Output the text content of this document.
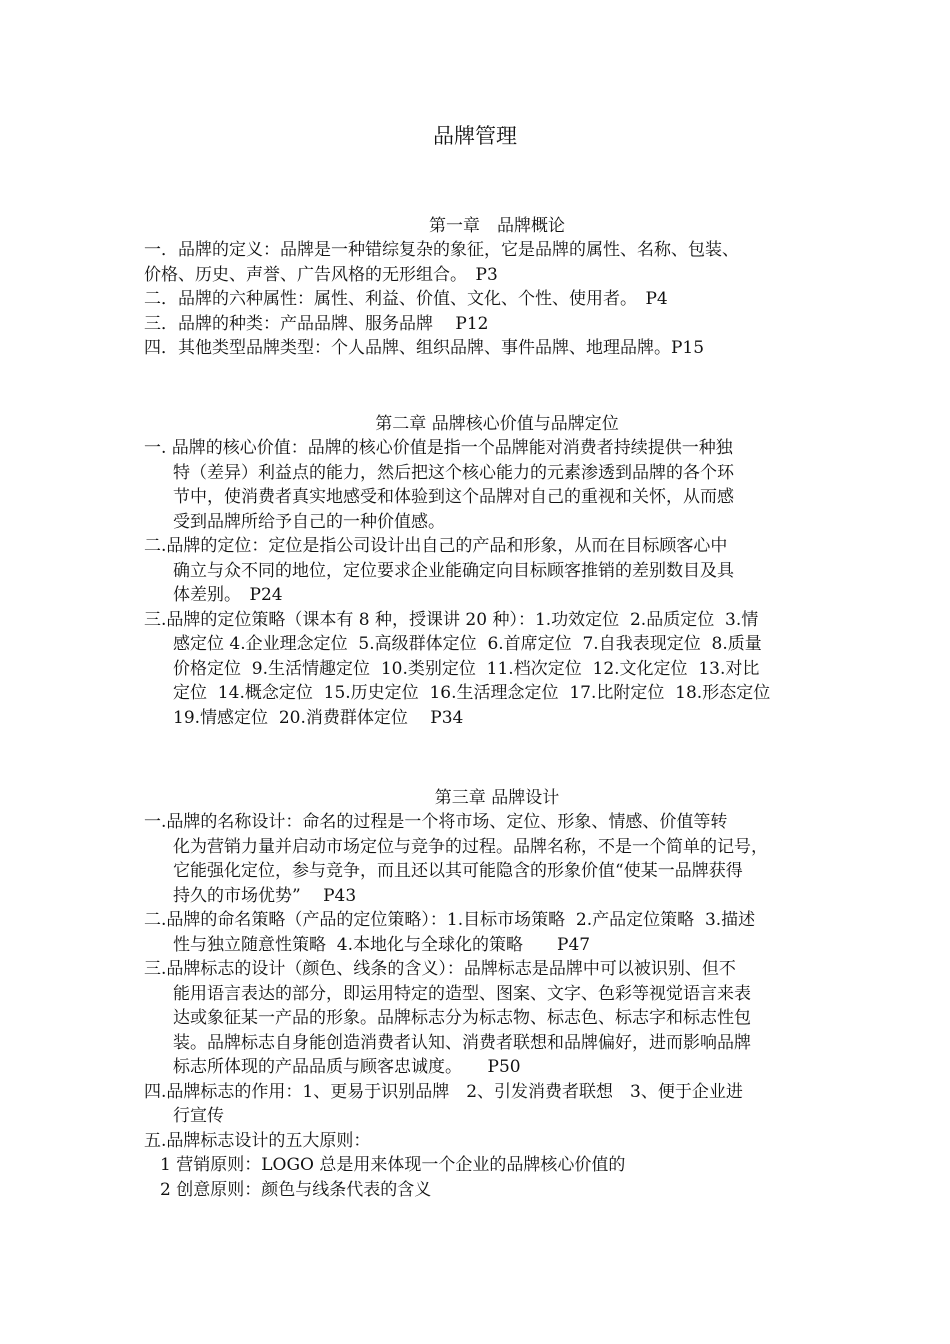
品牌管理
第一章　品牌概论
一．品牌的定义：品牌是一种错综复杂的象征，它是品牌的属性、名称、包装、
价格、历史、声誉、广告风格的无形组合。　P3
二．品牌的六种属性：属性、利益、价值、文化、个性、使用者。　P4
三．品牌的种类：产品品牌、服务品牌　 P12
四．其他类型品牌类型：个人品牌、组织品牌、事件品牌、地理品牌。P15
第二章 品牌核心价值与品牌定位
一. 品牌的核心价值：品牌的核心价值是指一个品牌能对消费者持续提供一种独
特（差异）利益点的能力，然后把这个核心能力的元素渗透到品牌的各个环
节中，使消费者真实地感受和体验到这个品牌对自己的重视和关怀，从而感
受到品牌所给予自己的一种价值感。
二.品牌的定位：定位是指公司设计出自己的产品和形象，从而在目标顾客心中
确立与众不同的地位，定位要求企业能确定向目标顾客推销的差别数目及具
体差别。　P24
三.品牌的定位策略（课本有 8 种，授课讲 20 种）：1.功效定位  2.品质定位  3.情
感定位 4.企业理念定位  5.高级群体定位  6.首席定位  7.自我表现定位  8.质量
价格定位  9.生活情趣定位  10.类别定位  11.档次定位  12.文化定位  13.对比
定位  14.概念定位  15.历史定位  16.生活理念定位  17.比附定位  18.形态定位
19.情感定位  20.消费群体定位　 P34
第三章 品牌设计
一.品牌的名称设计：命名的过程是一个将市场、定位、形象、情感、价值等转
化为营销力量并启动市场定位与竞争的过程。品牌名称，不是一个简单的记号，
它能强化定位，参与竞争，而且还以其可能隐含的形象价值“使某一品牌获得
持久的市场优势”　 P43
二.品牌的命名策略（产品的定位策略）：1.目标市场策略  2.产品定位策略  3.描述
性与独立随意性策略  4.本地化与全球化的策略　　P47
三.品牌标志的设计（颜色、线条的含义）：品牌标志是品牌中可以被识别、但不
能用语言表达的部分，即运用特定的造型、图案、文字、色彩等视觉语言来表
达或象征某一产品的形象。品牌标志分为标志物、标志色、标志字和标志性包
装。品牌标志自身能创造消费者认知、消费者联想和品牌偏好，进而影响品牌
标志所体现的产品品质与顾客忠诚度。　　P50
四.品牌标志的作用：1、更易于识别品牌　2、引发消费者联想　3、便于企业进
行宣传
五.品牌标志设计的五大原则：
1 营销原则：LOGO 总是用来体现一个企业的品牌核心价值的
2 创意原则：颜色与线条代表的含义
